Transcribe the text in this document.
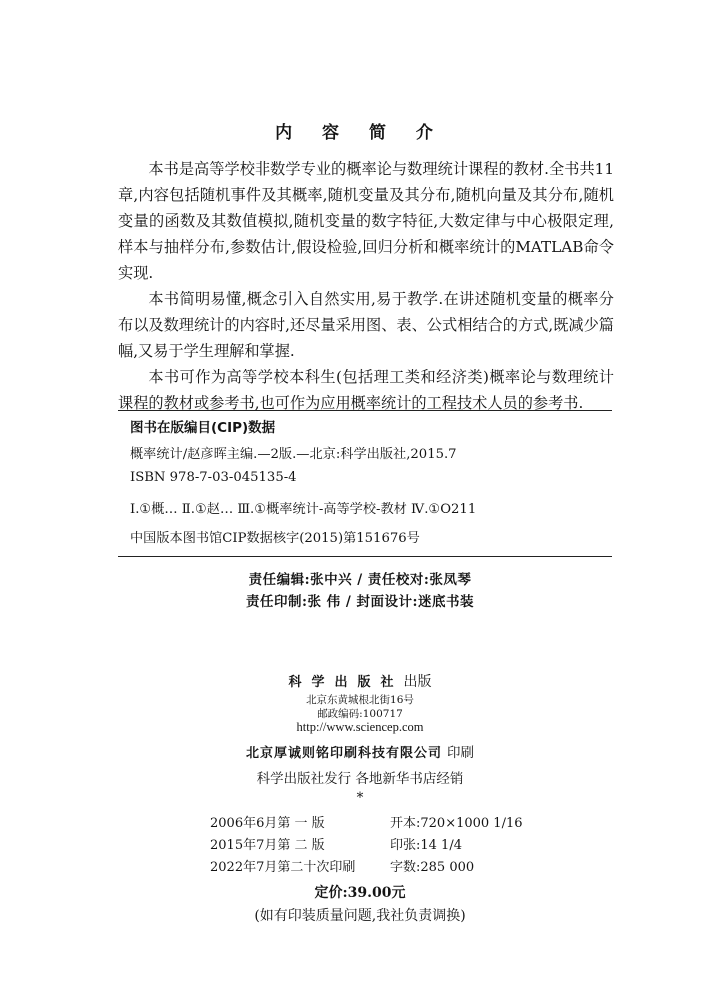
内 容 简 介

本书是高等学校非数学专业的概率论与数理统计课程的教材.全书共11章,内容包括随机事件及其概率,随机变量及其分布,随机向量及其分布,随机变量的函数及其数值模拟,随机变量的数字特征,大数定律与中心极限定理,样本与抽样分布,参数估计,假设检验,回归分析和概率统计的MATLAB命令实现.

本书简明易懂,概念引入自然实用,易于教学.在讲述随机变量的概率分布以及数理统计的内容时,还尽量采用图、表、公式相结合的方式,既减少篇幅,又易于学生理解和掌握.

本书可作为高等学校本科生(包括理工类和经济类)概率论与数理统计课程的教材或参考书,也可作为应用概率统计的工程技术人员的参考书.

图书在版编目(CIP)数据
概率统计/赵彦晖主编.—2版.—北京:科学出版社,2015.7
ISBN 978-7-03-045135-4
Ⅰ.①概… Ⅱ.①赵… Ⅲ.①概率统计-高等学校-教材 Ⅳ.①O211
中国版本图书馆CIP数据核字(2015)第151676号
责任编辑:张中兴 / 责任校对:张凤琴
责任印制:张 伟 / 封面设计:迷底书装
科学出版社出版
北京东黄城根北街16号
邮政编码:100717
http://www.sciencep.com
北京厚诚则铭印刷科技有限公司 印刷
科学出版社发行 各地新华书店经销
*
2006年6月第 一 版	开本:720×1000 1/16
2015年7月第 二 版	印张:14 1/4
2022年7月第二十次印刷	字数:285 000
定价:39.00元
(如有印装质量问题,我社负责调换)
